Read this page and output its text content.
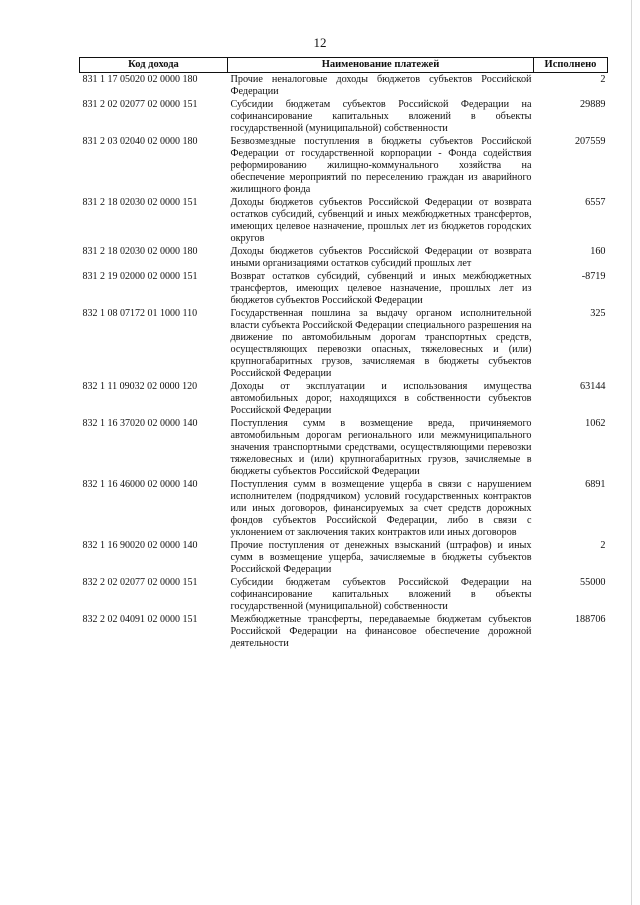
12
Код дохода	Наименование платежей	Исполнено
831 1 17 05020 02 0000 180	Прочие неналоговые доходы бюджетов субъектов Российской Федерации	2
831 2 02 02077 02 0000 151	Субсидии бюджетам субъектов Российской Федерации на софинансирование капитальных вложений в объекты государственной (муниципальной) собственности	29889
831 2 03 02040 02 0000 180	Безвозмездные поступления в бюджеты субъектов Российской Федерации от государственной корпорации - Фонда содействия реформированию жилищно-коммунального хозяйства на обеспечение мероприятий по переселению граждан из аварийного жилищного фонда	207559
831 2 18 02030 02 0000 151	Доходы бюджетов субъектов Российской Федерации от возврата остатков субсидий, субвенций и иных межбюджетных трансфертов, имеющих целевое назначение, прошлых лет из бюджетов городских округов	6557
831 2 18 02030 02 0000 180	Доходы бюджетов субъектов Российской Федерации от возврата иными организациями остатков субсидий прошлых лет	160
831 2 19 02000 02 0000 151	Возврат остатков субсидий, субвенций и иных межбюджетных трансфертов, имеющих целевое назначение, прошлых лет из бюджетов субъектов Российской Федерации	-8719
832 1 08 07172 01 1000 110	Государственная пошлина за выдачу органом исполнительной власти субъекта Российской Федерации специального разрешения на движение по автомобильным дорогам транспортных средств, осуществляющих перевозки опасных, тяжеловесных и (или) крупногабаритных грузов, зачисляемая в бюджеты субъектов Российской Федерации	325
832 1 11 09032 02 0000 120	Доходы от эксплуатации и использования имущества автомобильных дорог, находящихся в собственности субъектов Российской Федерации	63144
832 1 16 37020 02 0000 140	Поступления сумм в возмещение вреда, причиняемого автомобильным дорогам регионального или межмуниципального значения транспортными средствами, осуществляющими перевозки тяжеловесных и (или) крупногабаритных грузов, зачисляемые в бюджеты субъектов Российской Федерации	1062
832 1 16 46000 02 0000 140	Поступления сумм в возмещение ущерба в связи с нарушением исполнителем (подрядчиком) условий государственных контрактов или иных договоров, финансируемых за счет средств дорожных фондов субъектов Российской Федерации, либо в связи с уклонением от заключения таких контрактов или иных договоров	6891
832 1 16 90020 02 0000 140	Прочие поступления от денежных взысканий (штрафов) и иных сумм в возмещение ущерба, зачисляемые в бюджеты субъектов Российской Федерации	2
832 2 02 02077 02 0000 151	Субсидии бюджетам субъектов Российской Федерации на софинансирование капитальных вложений в объекты государственной (муниципальной) собственности	55000
832 2 02 04091 02 0000 151	Межбюджетные трансферты, передаваемые бюджетам субъектов Российской Федерации на финансовое обеспечение дорожной деятельности	188706
